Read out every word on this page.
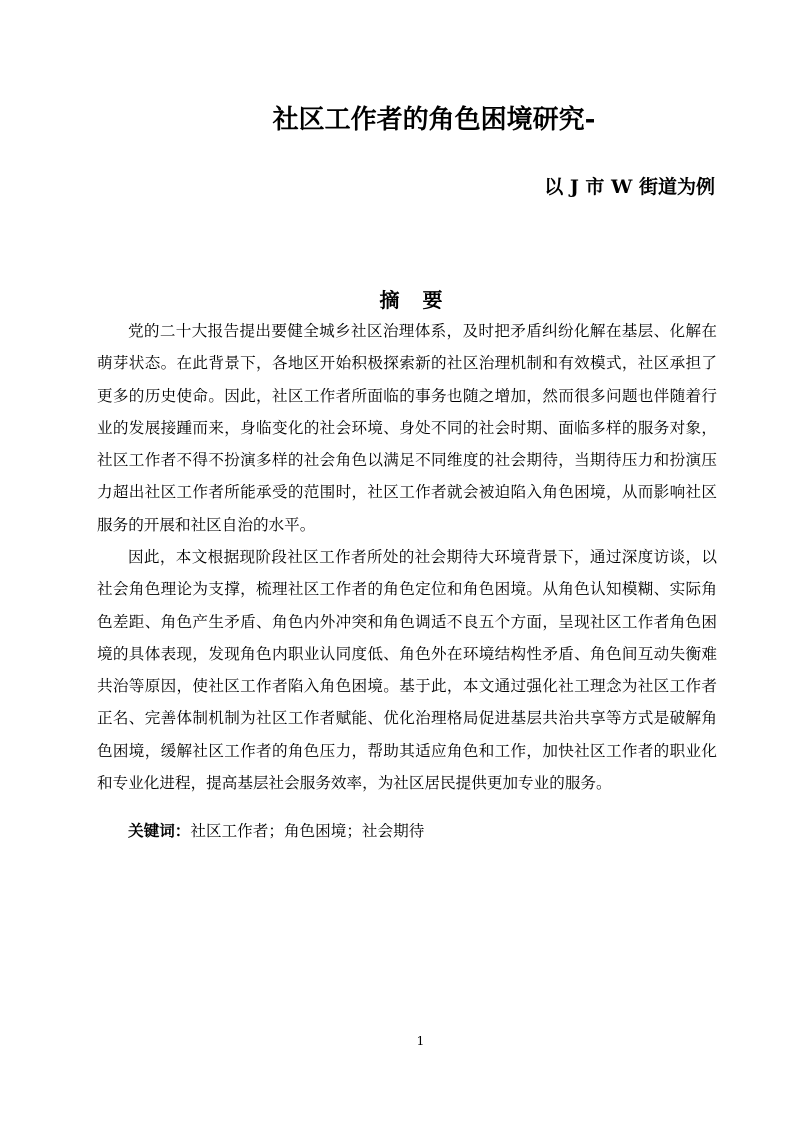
社区工作者的角色困境研究-
以 J 市 W 街道为例
摘 要

党的二十大报告提出要健全城乡社区治理体系，及时把矛盾纠纷化解在基层、化解在萌芽状态。在此背景下，各地区开始积极探索新的社区治理机制和有效模式，社区承担了更多的历史使命。因此，社区工作者所面临的事务也随之增加，然而很多问题也伴随着行业的发展接踵而来，身临变化的社会环境、身处不同的社会时期、面临多样的服务对象，社区工作者不得不扮演多样的社会角色以满足不同维度的社会期待，当期待压力和扮演压力超出社区工作者所能承受的范围时，社区工作者就会被迫陷入角色困境，从而影响社区服务的开展和社区自治的水平。

因此，本文根据现阶段社区工作者所处的社会期待大环境背景下，通过深度访谈，以社会角色理论为支撑，梳理社区工作者的角色定位和角色困境。从角色认知模糊、实际角色差距、角色产生矛盾、角色内外冲突和角色调适不良五个方面，呈现社区工作者角色困境的具体表现，发现角色内职业认同度低、角色外在环境结构性矛盾、角色间互动失衡难共治等原因，使社区工作者陷入角色困境。基于此，本文通过强化社工理念为社区工作者正名、完善体制机制为社区工作者赋能、优化治理格局促进基层共治共享等方式是破解角色困境，缓解社区工作者的角色压力，帮助其适应角色和工作，加快社区工作者的职业化和专业化进程，提高基层社会服务效率，为社区居民提供更加专业的服务。

关键词：社区工作者；角色困境；社会期待

1
